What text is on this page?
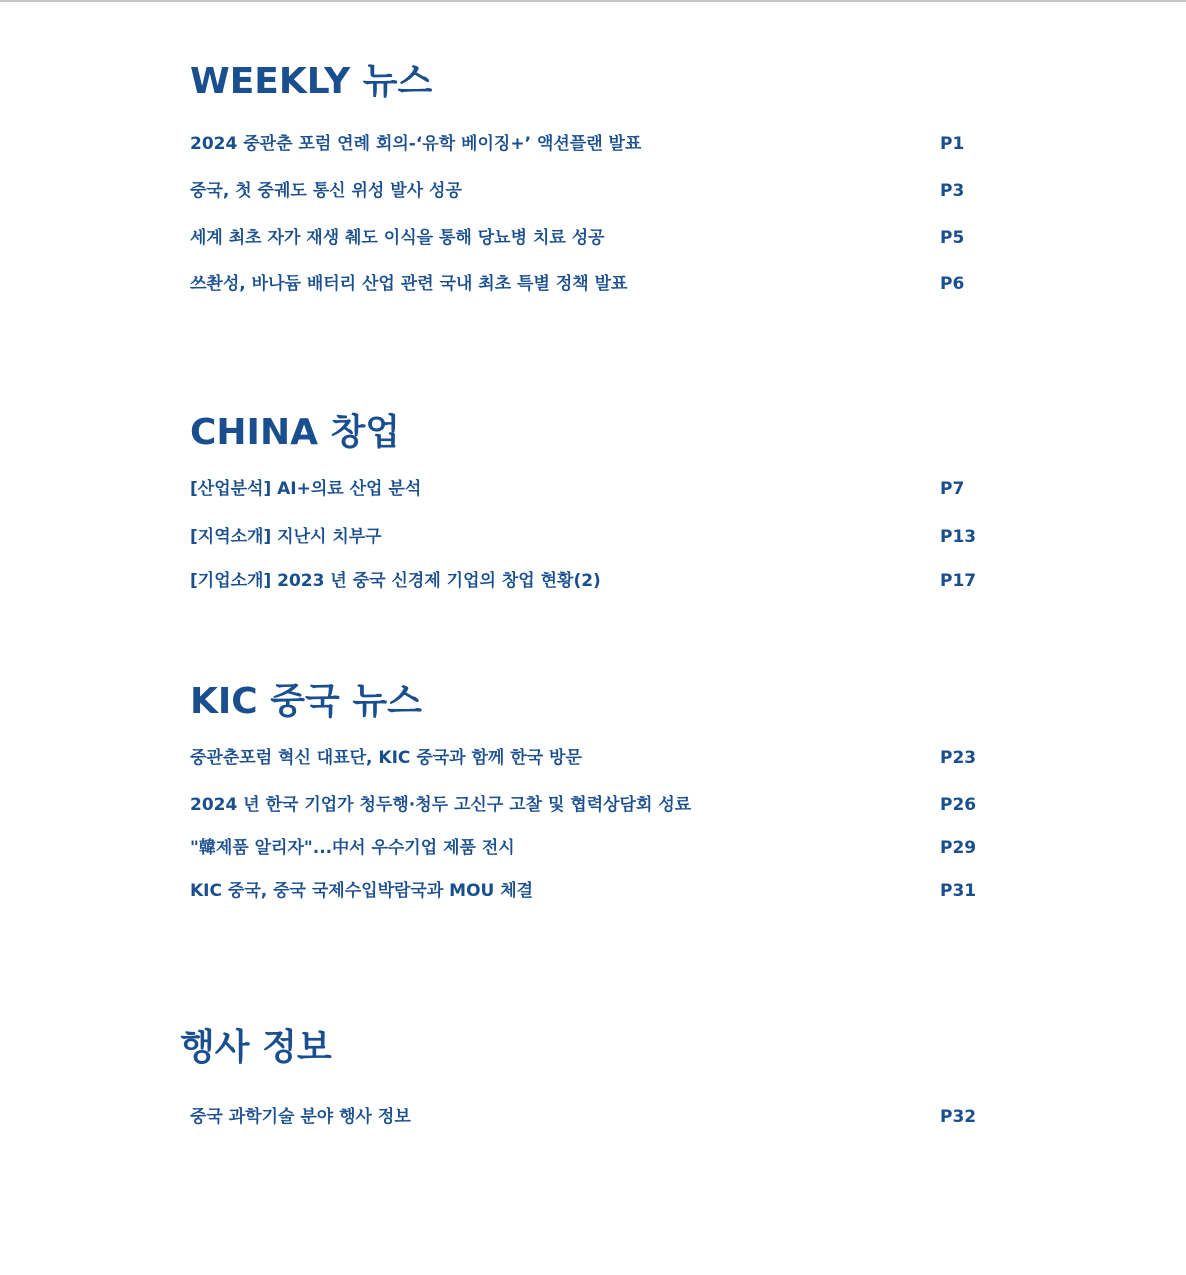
WEEKLY 뉴스
2024 중관춘 포럼 연례 회의-‘유학 베이징+’ 액션플랜 발표	P1
중국, 첫 중궤도 통신 위성 발사 성공	P3
세계 최초 자가 재생 췌도 이식을 통해 당뇨병 치료 성공	P5
쓰촨성, 바나듐 배터리 산업 관련 국내 최초 특별 정책 발표	P6
CHINA 창업
[산업분석] AI+의료 산업 분석	P7
[지역소개] 지난시 치부구	P13
[기업소개] 2023 년 중국 신경제 기업의 창업 현황(2)	P17
KIC 중국 뉴스
중관춘포럼 혁신 대표단, KIC 중국과 함께 한국 방문	P23
2024 년 한국 기업가 청두행·청두 고신구 고찰 및 협력상담회 성료	P26
"韓제품 알리자"...中서 우수기업 제품 전시	P29
KIC 중국, 중국 국제수입박람국과 MOU 체결	P31
행사 정보
중국 과학기술 분야 행사 정보	P32
